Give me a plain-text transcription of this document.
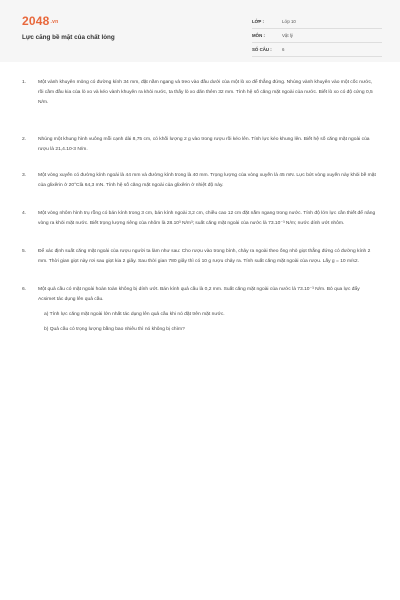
2048.vn
Lực căng bề mặt của chất lỏng
LỚP :	Lớp 10
MÔN :	Vật lý
SỐ CÂU :	6
1.	Một vành khuyên mỏng có đường kính 34 mm, đặt nằm ngang và treo vào đầu dưới của một lò xo để thẳng đứng. Nhúng vành khuyên vào một cốc nước, rồi cầm đầu kia của lò xo và kéo vành khuyên ra khỏi nước, ta thấy lò xo dãn thêm 32 mm. Tính hệ số căng mặt ngoài của nước. Biết lò xo có độ cứng 0,5 N/m.
2.	Nhúng một khung hình vuông mỗi cạnh dài 8,75 cm, có khối lượng 2 g vào trong rượu rồi kéo lên. Tính lực kéo khung lên. Biết hệ số căng mặt ngoài của rượu là 21,4.10-3 N/m.
3.	Một vòng xuyến có đường kính ngoài là 44 mm và đường kính trong là 40 mm. Trọng lượng của vòng xuyến là 45 mN. Lực bứt vòng xuyến này khỏi bề mặt của glixêrin ở 20°Clà 64,3 mN. Tính hệ số căng mặt ngoài của glixêrin ở nhiệt độ này.
4.	Một vòng nhôm hình trụ rỗng có bán kính trong 3 cm, bán kính ngoài 3,2 cm, chiều cao 12 cm đặt nằm ngang trong nước. Tính độ lớn lực cần thiết để nâng vòng ra khỏi mặt nước. Biết trọng lượng riêng của nhôm là 28.10³ N/m³; suất căng mặt ngoài của nước là 73.10⁻³ N/m; nước dính ướt nhôm.
5.	Để xác định suất căng mặt ngoài của rượu người ta làm như sau: Cho rượu vào trong bình, chảy ra ngoài theo ống nhỏ giọt thẳng đứng có đường kính 2 mm. Thời gian giọt này rơi sau giọt kia 2 giây. Sau thời gian 780 giây thì có 10 g rượu chảy ra. Tính suất căng mặt ngoài của rượu. Lấy g = 10 m/s2.
6.	Một quả cầu có mặt ngoài hoàn toàn không bị dính ướt. Bán kính quả cầu là 0,2 mm. Suất căng mặt ngoài của nước là 73.10⁻³ N/m. Bỏ qua lực đẩy Acsimet tác dụng lên quả cầu.
a) Tính lực căng mặt ngoài lớn nhất tác dụng lên quả cầu khi nó đặt trên mặt nước.
b) Quả cầu có trọng lượng bằng bao nhiêu thì nó không bị chìm?
